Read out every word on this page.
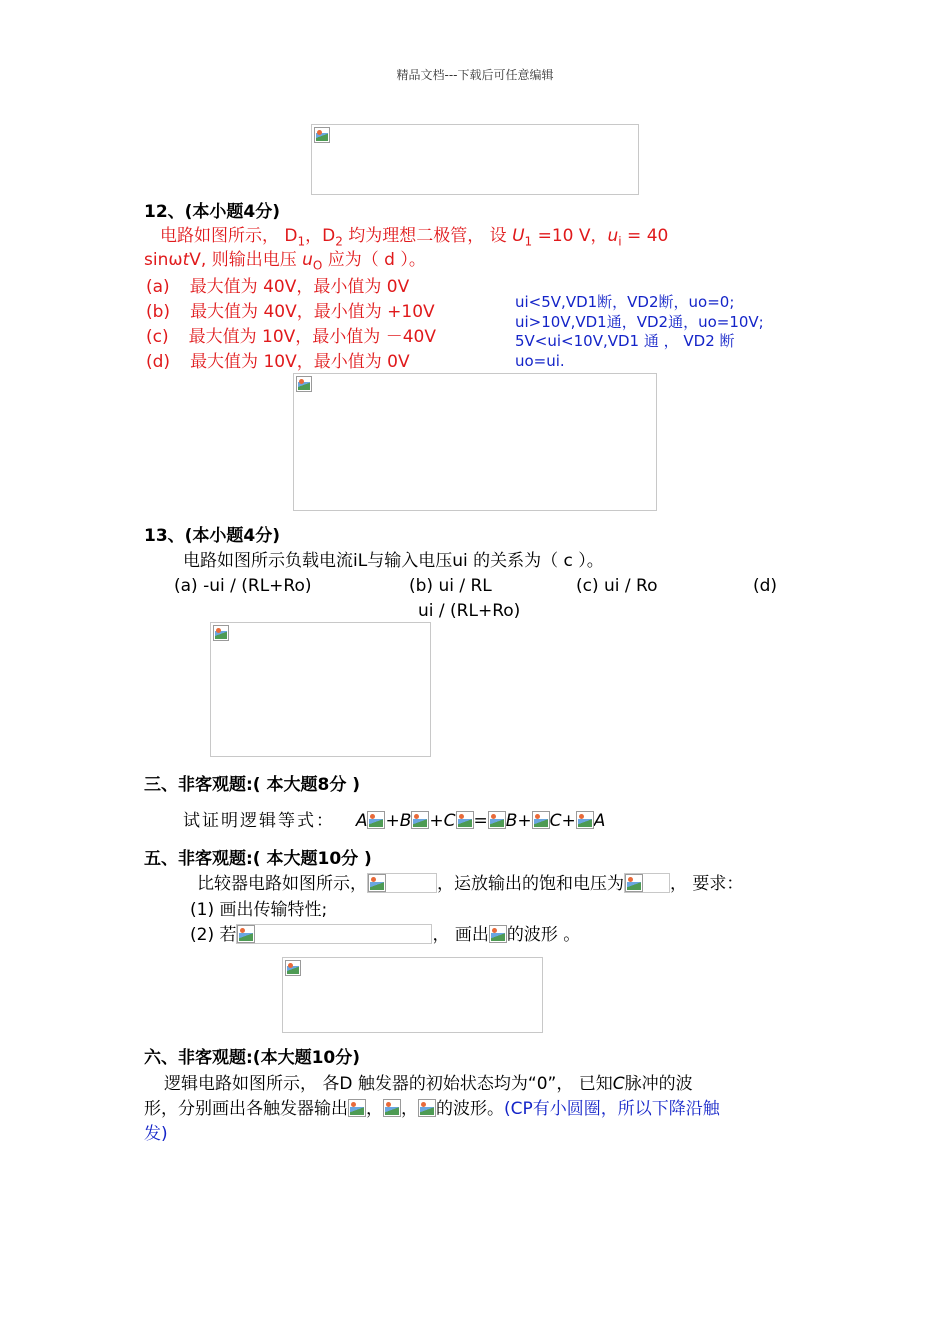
精品文档---下载后可任意编辑
12、(本小题4分)
电路如图所示， $D_1$，$D_2$ 均为理想二极管， 设 $U_1 =10$ V，$u_i = 40$
sinωtV, 则输出电压 $u_O$ 应为（ d ）。
(a) 最大值为 40V，最小值为 0V
(b) 最大值为 40V，最小值为 +10V
(c) 最大值为 10V，最小值为 －40V
(d) 最大值为 10V，最小值为 0V
ui<5V,VD1断，VD2断，uo=0;
ui>10V,VD1通，VD2通，uo=10V;
5V<ui<10V,VD1 通 ， VD2 断
uo=ui.
13、(本小题4分)
电路如图所示负载电流iL与输入电压ui 的关系为（ c ）。
(a) -ui / (RL+Ro)	(b) ui / RL	(c) ui / Ro	(d)
ui / (RL+Ro)
三、非客观题:( 本大题8分 )
试证明逻辑等式： A +B +C = B+ C+ A
五、非客观题:( 本大题10分 )
比较器电路如图所示，	，运放输出的饱和电压为	， 要求：
(1) 画出传输特性;
(2) 若	， 画出 的波形 。
六、非客观题:(本大题10分)
逻辑电路如图所示， 各D 触发器的初始状态均为“0”， 已知C脉冲的波
形，分别画出各触发器输出 ， ， 的波形。(CP有小圆圈，所以下降沿触
发)
